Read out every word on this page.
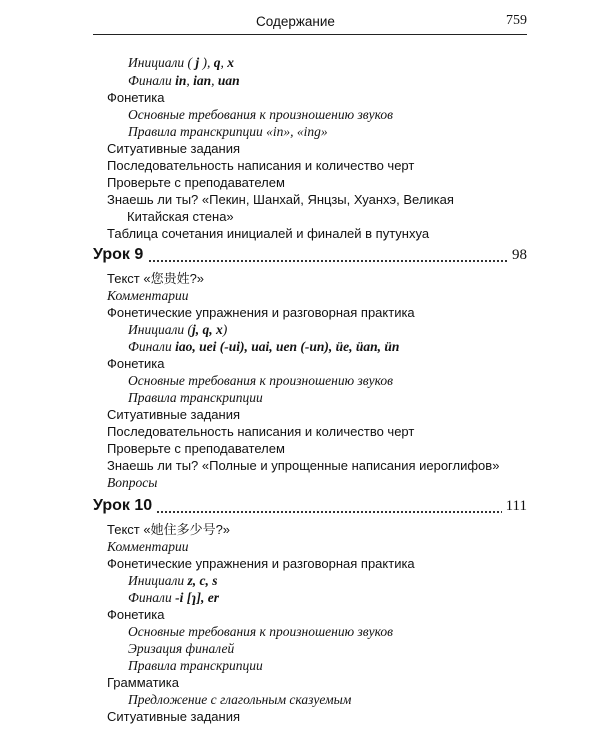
Содержание	759
Инициали ( j ), q, x
Финали in, ian, uan
Фонетика
Основные требования к произношению звуков
Правила транскрипции «in», «ing»
Ситуативные задания
Последовательность написания и количество черт
Проверьте с преподавателем
Знаешь ли ты? «Пекин, Шанхай, Янцзы, Хуанхэ, Великая
Китайская стена»
Таблица сочетания инициалей и финалей в путунхуа
Урок 9	98
Текст «您贵姓?»
Комментарии
Фонетические упражнения и разговорная практика
Инициали (j, q, x)
Финали iao, uei (-ui), uai, uen (-un), üe, üan, ün
Фонетика
Основные требования к произношению звуков
Правила транскрипции
Ситуативные задания
Последовательность написания и количество черт
Проверьте с преподавателем
Знаешь ли ты? «Полные и упрощенные написания иероглифов»
Вопросы
Урок 10	111
Текст «她住多少号?»
Комментарии
Фонетические упражнения и разговорная практика
Инициали z, c, s
Финали -i [ɿ], er
Фонетика
Основные требования к произношению звуков
Эризация финалей
Правила транскрипции
Грамматика
Предложение с глагольным сказуемым
Ситуативные задания
